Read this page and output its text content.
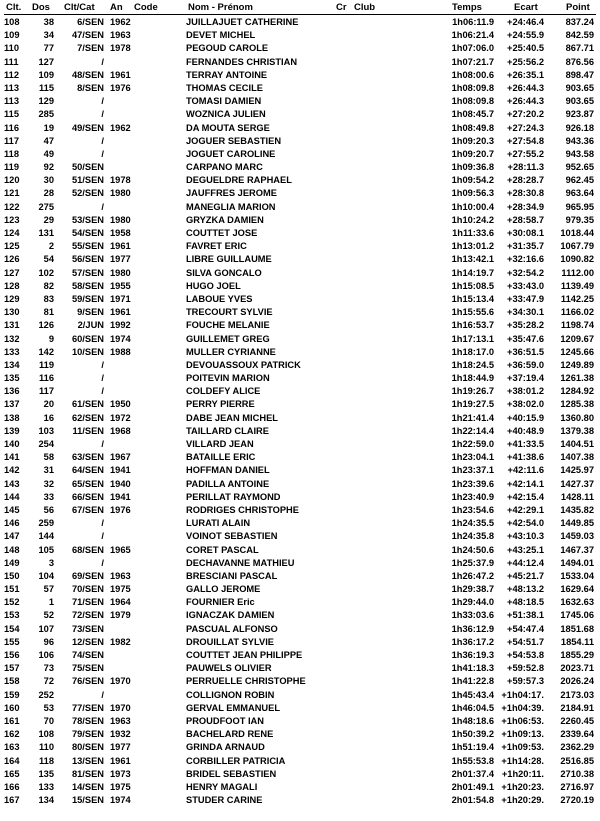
Clt. Dos Clt/Cat An Code	Nom - Prénom	Cr Club	Temps	Ecart	Point
108	38	6/SEN 1962	JUILLAJUET CATHERINE	1h06:11.9	+24:46.4	837.24
109	34	47/SEN 1963	DEVET MICHEL	1h06:21.4	+24:55.9	842.59
110	77	7/SEN 1978	PEGOUD CAROLE	1h07:06.0	+25:40.5	867.71
111	127	/	FERNANDES CHRISTIAN	1h07:21.7	+25:56.2	876.56
112	109	48/SEN 1961	TERRAY ANTOINE	1h08:00.6	+26:35.1	898.47
113	115	8/SEN 1976	THOMAS CECILE	1h08:09.8	+26:44.3	903.65
113	129	/	TOMASI DAMIEN	1h08:09.8	+26:44.3	903.65
115	285	/	WOZNICA JULIEN	1h08:45.7	+27:20.2	923.87
116	19	49/SEN 1962	DA MOUTA SERGE	1h08:49.8	+27:24.3	926.18
117	47	/	JOGUER SEBASTIEN	1h09:20.3	+27:54.8	943.36
118	49	/	JOGUET CAROLINE	1h09:20.7	+27:55.2	943.58
119	92	50/SEN	CARPANO MARC	1h09:36.8	+28:11.3	952.65
120	30	51/SEN 1978	DEGUELDRE RAPHAEL	1h09:54.2	+28:28.7	962.45
121	28	52/SEN 1980	JAUFFRES JEROME	1h09:56.3	+28:30.8	963.64
122	275	/	MANEGLIA MARION	1h10:00.4	+28:34.9	965.95
123	29	53/SEN 1980	GRYZKA DAMIEN	1h10:24.2	+28:58.7	979.35
124	131	54/SEN 1958	COUTTET JOSE	1h11:33.6	+30:08.1	1018.44
125	2	55/SEN 1961	FAVRET ERIC	1h13:01.2	+31:35.7	1067.79
126	54	56/SEN 1977	LIBRE GUILLAUME	1h13:42.1	+32:16.6	1090.82
127	102	57/SEN 1980	SILVA GONCALO	1h14:19.7	+32:54.2	1112.00
128	82	58/SEN 1955	HUGO JOEL	1h15:08.5	+33:43.0	1139.49
129	83	59/SEN 1971	LABOUE YVES	1h15:13.4	+33:47.9	1142.25
130	81	9/SEN 1961	TRECOURT SYLVIE	1h15:55.6	+34:30.1	1166.02
131	126	2/JUN 1992	FOUCHE MELANIE	1h16:53.7	+35:28.2	1198.74
132	9	60/SEN 1974	GUILLEMET GREG	1h17:13.1	+35:47.6	1209.67
133	142	10/SEN 1988	MULLER CYRIANNE	1h18:17.0	+36:51.5	1245.66
134	119	/	DEVOUASSOUX PATRICK	1h18:24.5	+36:59.0	1249.89
135	116	/	POITEVIN MARION	1h18:44.9	+37:19.4	1261.38
136	117	/	COLDEFY ALICE	1h19:26.7	+38:01.2	1284.92
137	20	61/SEN 1950	PERRY PIERRE	1h19:27.5	+38:02.0	1285.38
138	16	62/SEN 1972	DABE JEAN MICHEL	1h21:41.4	+40:15.9	1360.80
139	103	11/SEN 1968	TAILLARD CLAIRE	1h22:14.4	+40:48.9	1379.38
140	254	/	VILLARD JEAN	1h22:59.0	+41:33.5	1404.51
141	58	63/SEN 1967	BATAILLE ERIC	1h23:04.1	+41:38.6	1407.38
142	31	64/SEN 1941	HOFFMAN DANIEL	1h23:37.1	+42:11.6	1425.97
143	32	65/SEN 1940	PADILLA ANTOINE	1h23:39.6	+42:14.1	1427.37
144	33	66/SEN 1941	PERILLAT RAYMOND	1h23:40.9	+42:15.4	1428.11
145	56	67/SEN 1976	RODRIGES CHRISTOPHE	1h23:54.6	+42:29.1	1435.82
146	259	/	LURATI ALAIN	1h24:35.5	+42:54.0	1449.85
147	144	/	VOINOT SEBASTIEN	1h24:35.8	+43:10.3	1459.03
148	105	68/SEN 1965	CORET PASCAL	1h24:50.6	+43:25.1	1467.37
149	3	/	DECHAVANNE MATHIEU	1h25:37.9	+44:12.4	1494.01
150	104	69/SEN 1963	BRESCIANI PASCAL	1h26:47.2	+45:21.7	1533.04
151	57	70/SEN 1975	GALLO JEROME	1h29:38.7	+48:13.2	1629.64
152	1	71/SEN 1964	FOURNIER Eric	1h29:44.0	+48:18.5	1632.63
153	52	72/SEN 1979	IGNACZAK DAMIEN	1h33:03.6	+51:38.1	1745.06
154	107	73/SEN	PASCUAL ALFONSO	1h36:12.9	+54:47.4	1851.68
155	96	12/SEN 1982	DROUILLAT SYLVIE	1h36:17.2	+54:51.7	1854.11
156	106	74/SEN	COUTTET JEAN PHILIPPE	1h36:19.3	+54:53.8	1855.29
157	73	75/SEN	PAUWELS OLIVIER	1h41:18.3	+59:52.8	2023.71
158	72	76/SEN 1970	PERRUELLE CHRISTOPHE	1h41:22.8	+59:57.3	2026.24
159	252	/	COLLIGNON ROBIN	1h45:43.4 +1h04:17.	2173.03
160	53	77/SEN 1970	GERVAL EMMANUEL	1h46:04.5 +1h04:39.	2184.91
161	70	78/SEN 1963	PROUDFOOT IAN	1h48:18.6 +1h06:53.	2260.45
162	108	79/SEN 1932	BACHELARD RENE	1h50:39.2 +1h09:13.	2339.64
163	110	80/SEN 1977	GRINDA ARNAUD	1h51:19.4 +1h09:53.	2362.29
164	118	13/SEN 1961	CORBILLER PATRICIA	1h55:53.8 +1h14:28.	2516.85
165	135	81/SEN 1973	BRIDEL SEBASTIEN	2h01:37.4 +1h20:11.	2710.38
166	133	14/SEN 1975	HENRY MAGALI	2h01:49.1 +1h20:23.	2716.97
167	134	15/SEN 1974	STUDER CARINE	2h01:54.8 +1h20:29.	2720.19
